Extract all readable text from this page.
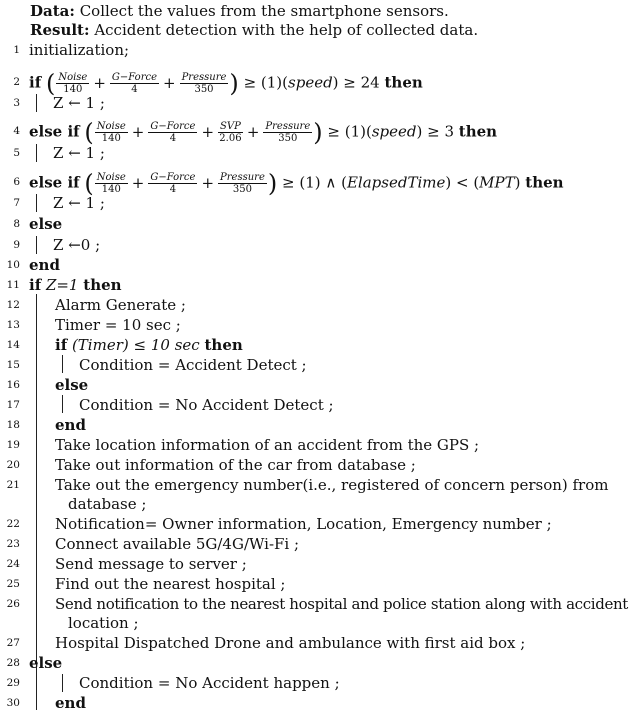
Data: Collect the values from the smartphone sensors.
Result: Accident detection with the help of collected data.
1 initialization;
2 if ( $\frac{\text{Noise}}{140} + \frac{\text{G−Force}}{4} + \frac{\text{Pressure}}{350}$ ) ≥ (1)(speed) ≥ 24 then
3 Z ← 1 ;
4 else if ( $\frac{\text{Noise}}{140} + \frac{\text{G−Force}}{4} + \frac{\text{SVP}}{2.06} + \frac{\text{Pressure}}{350}$ ) ≥ (1)(speed) ≥ 3 then
5 Z ← 1 ;
6 else if ( $\frac{\text{Noise}}{140} + \frac{\text{G−Force}}{4} + \frac{\text{Pressure}}{350}$ ) ≥ (1) ∧ (ElapsedTime) < (MPT) then
7 Z ← 1 ;
8 else
9 Z ←0 ;
10 end
11 if Z=1 then
12 Alarm Generate ;
13 Timer = 10 sec ;
14 if (Timer) ≤ 10 sec then
15	Condition = Accident Detect ;
16 else
17	Condition = No Accident Detect ;
18 end
19 Take location information of an accident from the GPS ;
20 Take out information of the car from database ;
21 Take out the emergency number(i.e., registered of concern person) from
database ;
22 Notification= Owner information, Location, Emergency number ;
23 Connect available 5G/4G/Wi-Fi ;
24 Send message to server ;
25 Find out the nearest hospital ;
26 Send notification to the nearest hospital and police station along with accident
location ;
27 Hospital Dispatched Drone and ambulance with first aid box ;
28 else
29	Condition = No Accident happen ;
30 end
